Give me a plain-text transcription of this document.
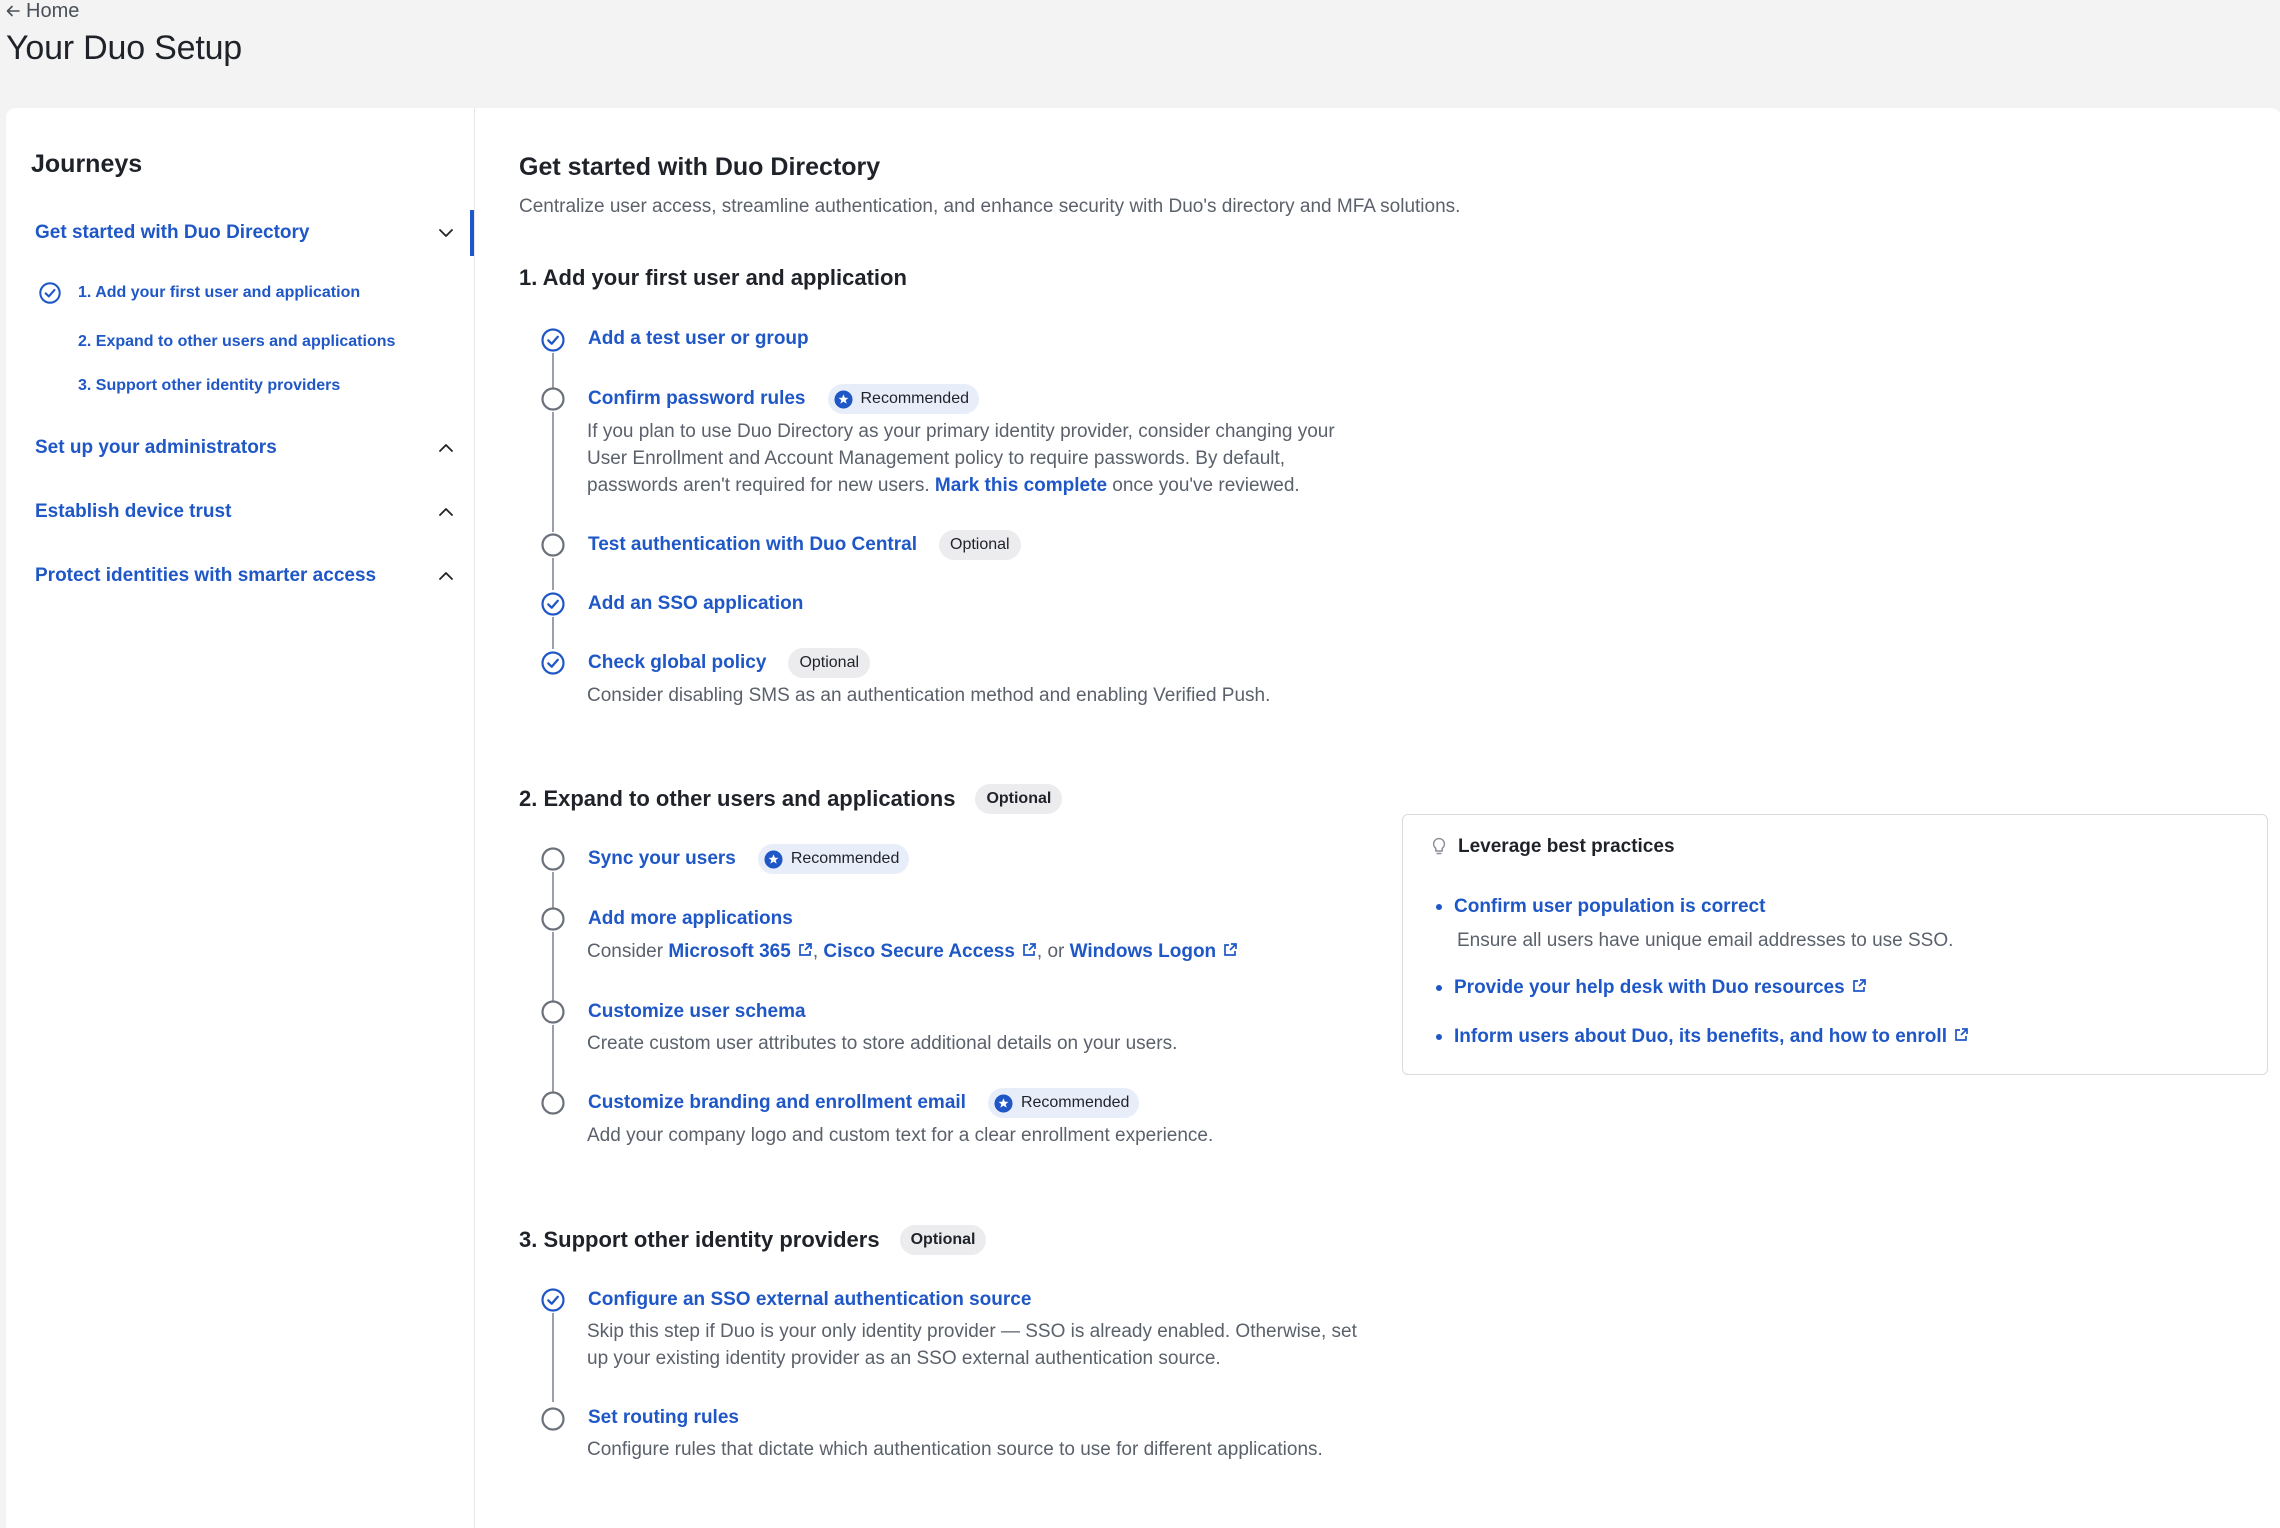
Home
Your Duo Setup
Journeys
Get started with Duo Directory
1. Add your first user and application
2. Expand to other users and applications
3. Support other identity providers
Set up your administrators
Establish device trust
Protect identities with smarter access
Get started with Duo Directory
Centralize user access, streamline authentication, and enhance security with Duo's directory and MFA solutions.
1. Add your first user and application
Add a test user or group
Confirm password rules	Recommended
If you plan to use Duo Directory as your primary identity provider, consider changing your
User Enrollment and Account Management policy to require passwords. By default,
passwords aren't required for new users. Mark this complete once you've reviewed.
Test authentication with Duo Central	Optional
Add an SSO application
Check global policy	Optional
Consider disabling SMS as an authentication method and enabling Verified Push.
2. Expand to other users and applications	Optional
Sync your users	Recommended
Add more applications
Consider Microsoft 365 , Cisco Secure Access , or Windows Logon
Customize user schema
Create custom user attributes to store additional details on your users.
Customize branding and enrollment email	Recommended
Add your company logo and custom text for a clear enrollment experience.
Leverage best practices
Confirm user population is correct
Ensure all users have unique email addresses to use SSO.
Provide your help desk with Duo resources
Inform users about Duo, its benefits, and how to enroll
3. Support other identity providers	Optional
Configure an SSO external authentication source
Skip this step if Duo is your only identity provider — SSO is already enabled. Otherwise, set
up your existing identity provider as an SSO external authentication source.
Set routing rules
Configure rules that dictate which authentication source to use for different applications.
